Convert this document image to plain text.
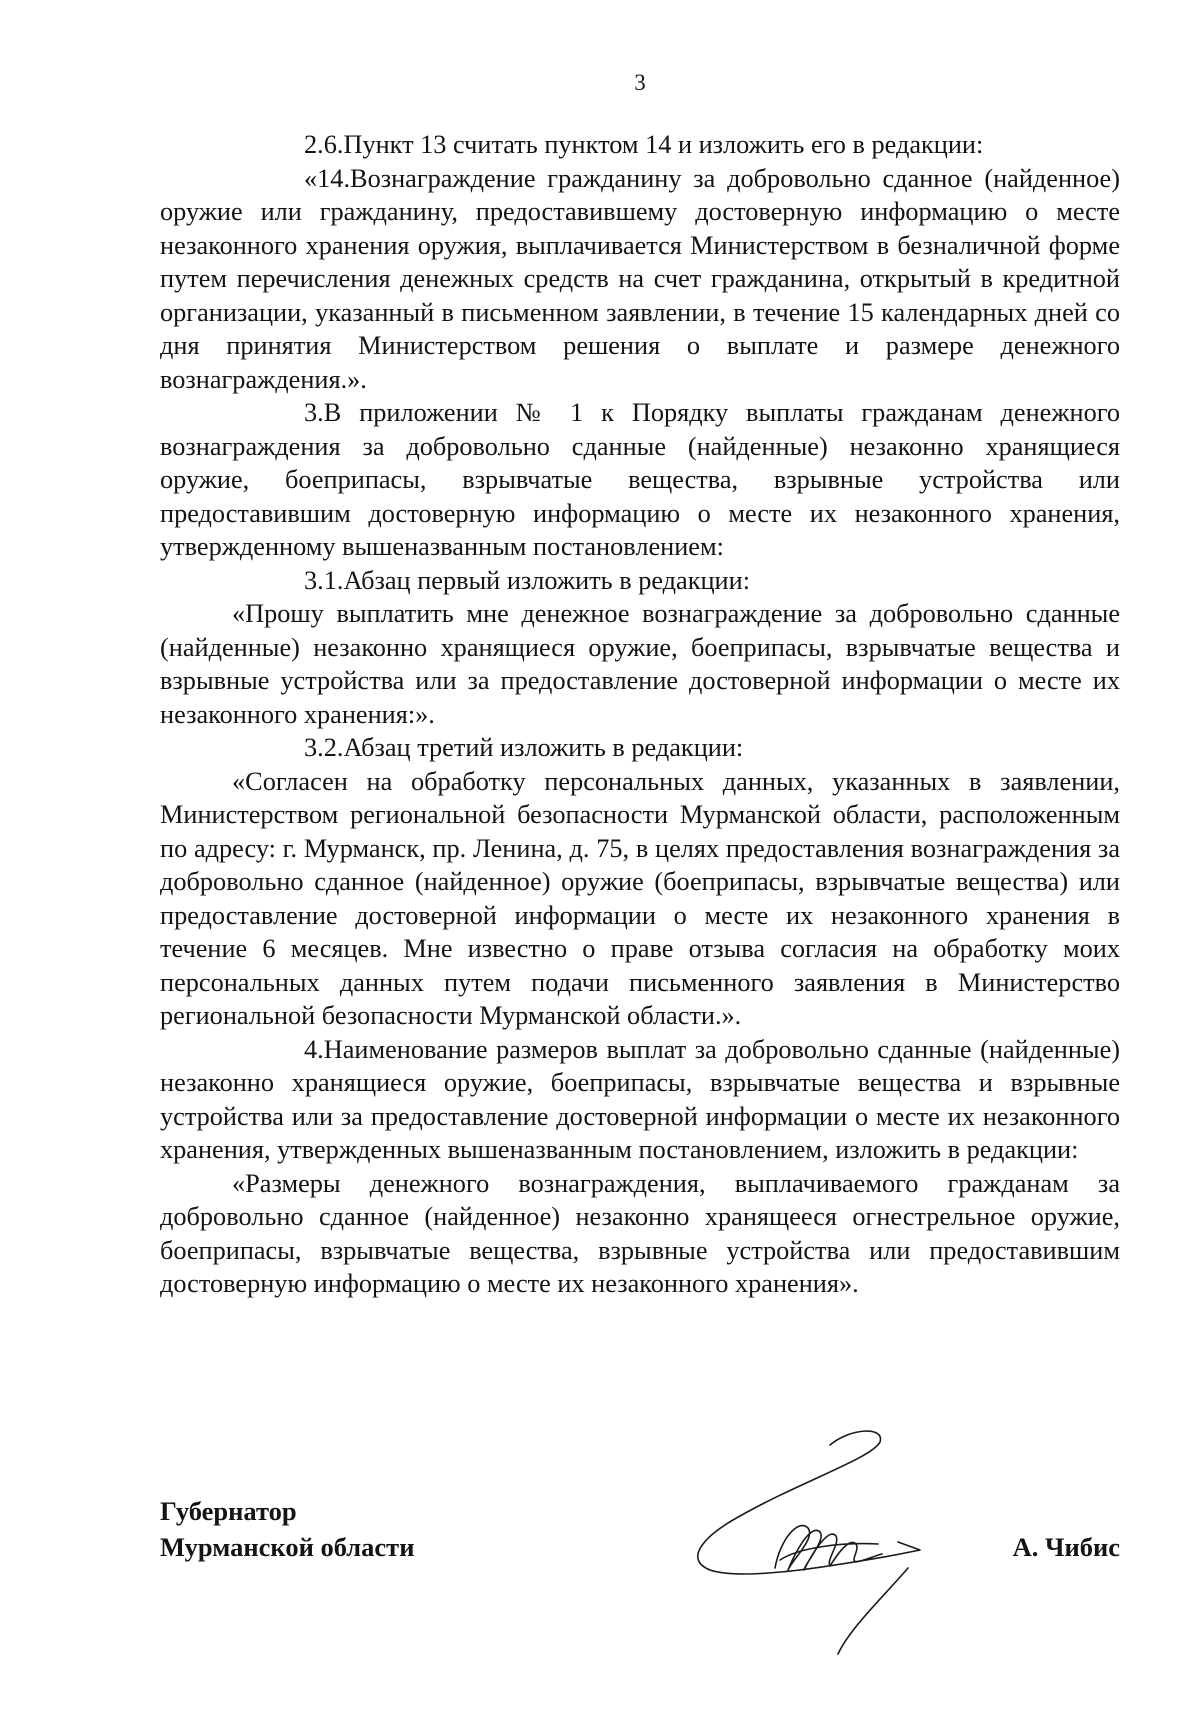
3

2.6.Пункт 13 считать пунктом 14 и изложить его в редакции:

«14.Вознаграждение гражданину за добровольно сданное (найденное) оружие или гражданину, предоставившему достоверную информацию о месте незаконного хранения оружия, выплачивается Министерством в безналичной форме путем перечисления денежных средств на счет гражданина, открытый в кредитной организации, указанный в письменном заявлении, в течение 15 календарных дней со дня принятия Министерством решения о выплате и размере денежного вознаграждения.».

3.В приложении № 1 к Порядку выплаты гражданам денежного вознаграждения за добровольно сданные (найденные) незаконно хранящиеся оружие, боеприпасы, взрывчатые вещества, взрывные устройства или предоставившим достоверную информацию о месте их незаконного хранения, утвержденному вышеназванным постановлением:

3.1.Абзац первый изложить в редакции:

«Прошу выплатить мне денежное вознаграждение за добровольно сданные (найденные) незаконно хранящиеся оружие, боеприпасы, взрывчатые вещества и взрывные устройства или за предоставление достоверной информации о месте их незаконного хранения:».

3.2.Абзац третий изложить в редакции:

«Согласен на обработку персональных данных, указанных в заявлении, Министерством региональной безопасности Мурманской области, расположенным по адресу: г. Мурманск, пр. Ленина, д. 75, в целях предоставления вознаграждения за добровольно сданное (найденное) оружие (боеприпасы, взрывчатые вещества) или предоставление достоверной информации о месте их незаконного хранения в течение 6 месяцев. Мне известно о праве отзыва согласия на обработку моих персональных данных путем подачи письменного заявления в Министерство региональной безопасности Мурманской области.».

4.Наименование размеров выплат за добровольно сданные (найденные) незаконно хранящиеся оружие, боеприпасы, взрывчатые вещества и взрывные устройства или за предоставление достоверной информации о месте их незаконного хранения, утвержденных вышеназванным постановлением, изложить в редакции:

«Размеры денежного вознаграждения, выплачиваемого гражданам за добровольно сданное (найденное) незаконно хранящееся огнестрельное оружие, боеприпасы, взрывчатые вещества, взрывные устройства или предоставившим достоверную информацию о месте их незаконного хранения».

Губернатор
Мурманской области	А. Чибис
